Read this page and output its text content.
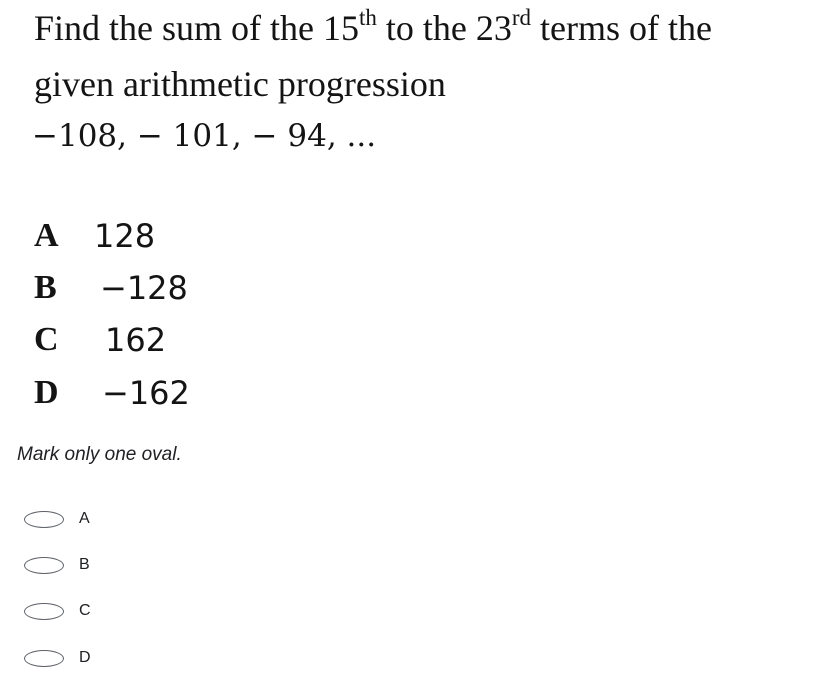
Find the sum of the 15th to the 23rd terms of the
given arithmetic progression
−108, − 101, − 94, ...
A 128
B −128
C 162
D −162
Mark only one oval.
A
B
C
D
